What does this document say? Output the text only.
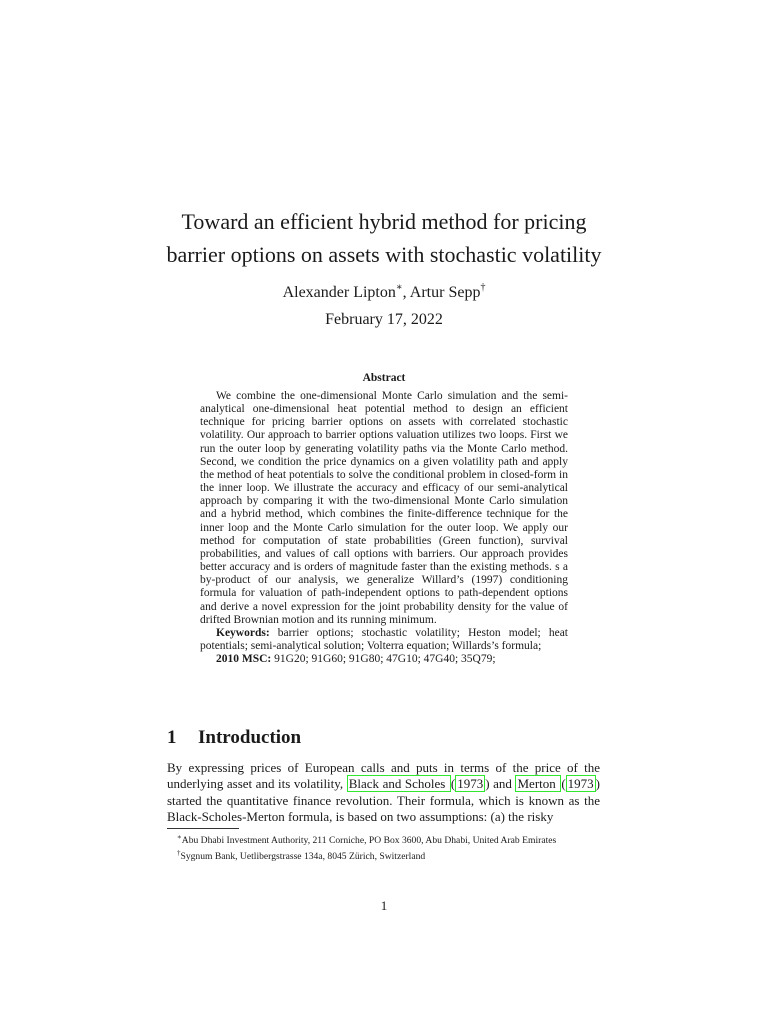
Toward an efficient hybrid method for pricing
barrier options on assets with stochastic volatility
Alexander Lipton∗, Artur Sepp†
February 17, 2022
Abstract

We combine the one-dimensional Monte Carlo simulation and the semi-analytical one-dimensional heat potential method to design an efficient technique for pricing barrier options on assets with correlated stochastic volatility. Our approach to barrier options valuation utilizes two loops. First we run the outer loop by generating volatility paths via the Monte Carlo method. Second, we condition the price dynamics on a given volatility path and apply the method of heat potentials to solve the conditional problem in closed-form in the inner loop. We illustrate the accuracy and efficacy of our semi-analytical approach by comparing it with the two-dimensional Monte Carlo simulation and a hybrid method, which combines the finite-difference technique for the inner loop and the Monte Carlo simulation for the outer loop. We apply our method for computation of state probabilities (Green function), survival probabilities, and values of call options with barriers. Our approach provides better accuracy and is orders of magnitude faster than the existing methods. s a by-product of our analysis, we generalize Willard’s (1997) conditioning formula for valuation of path-independent options to path-dependent options and derive a novel expression for the joint probability density for the value of drifted Brownian motion and its running minimum.

Keywords: barrier options; stochastic volatility; Heston model; heat potentials; semi-analytical solution; Volterra equation; Willards’s formula;

2010 MSC: 91G20; 91G60; 91G80; 47G10; 47G40; 35Q79;

1 Introduction

By expressing prices of European calls and puts in terms of the price of the underlying asset and its volatility, Black and Scholes ( 1973 ) and Merton ( 1973 ) started the quantitative finance revolution. Their formula, which is known as the Black-Scholes-Merton formula, is based on two assumptions: (a) the risky

∗Abu Dhabi Investment Authority, 211 Corniche, PO Box 3600, Abu Dhabi, United Arab Emirates

†Sygnum Bank, Uetlibergstrasse 134a, 8045 Zürich, Switzerland

1
